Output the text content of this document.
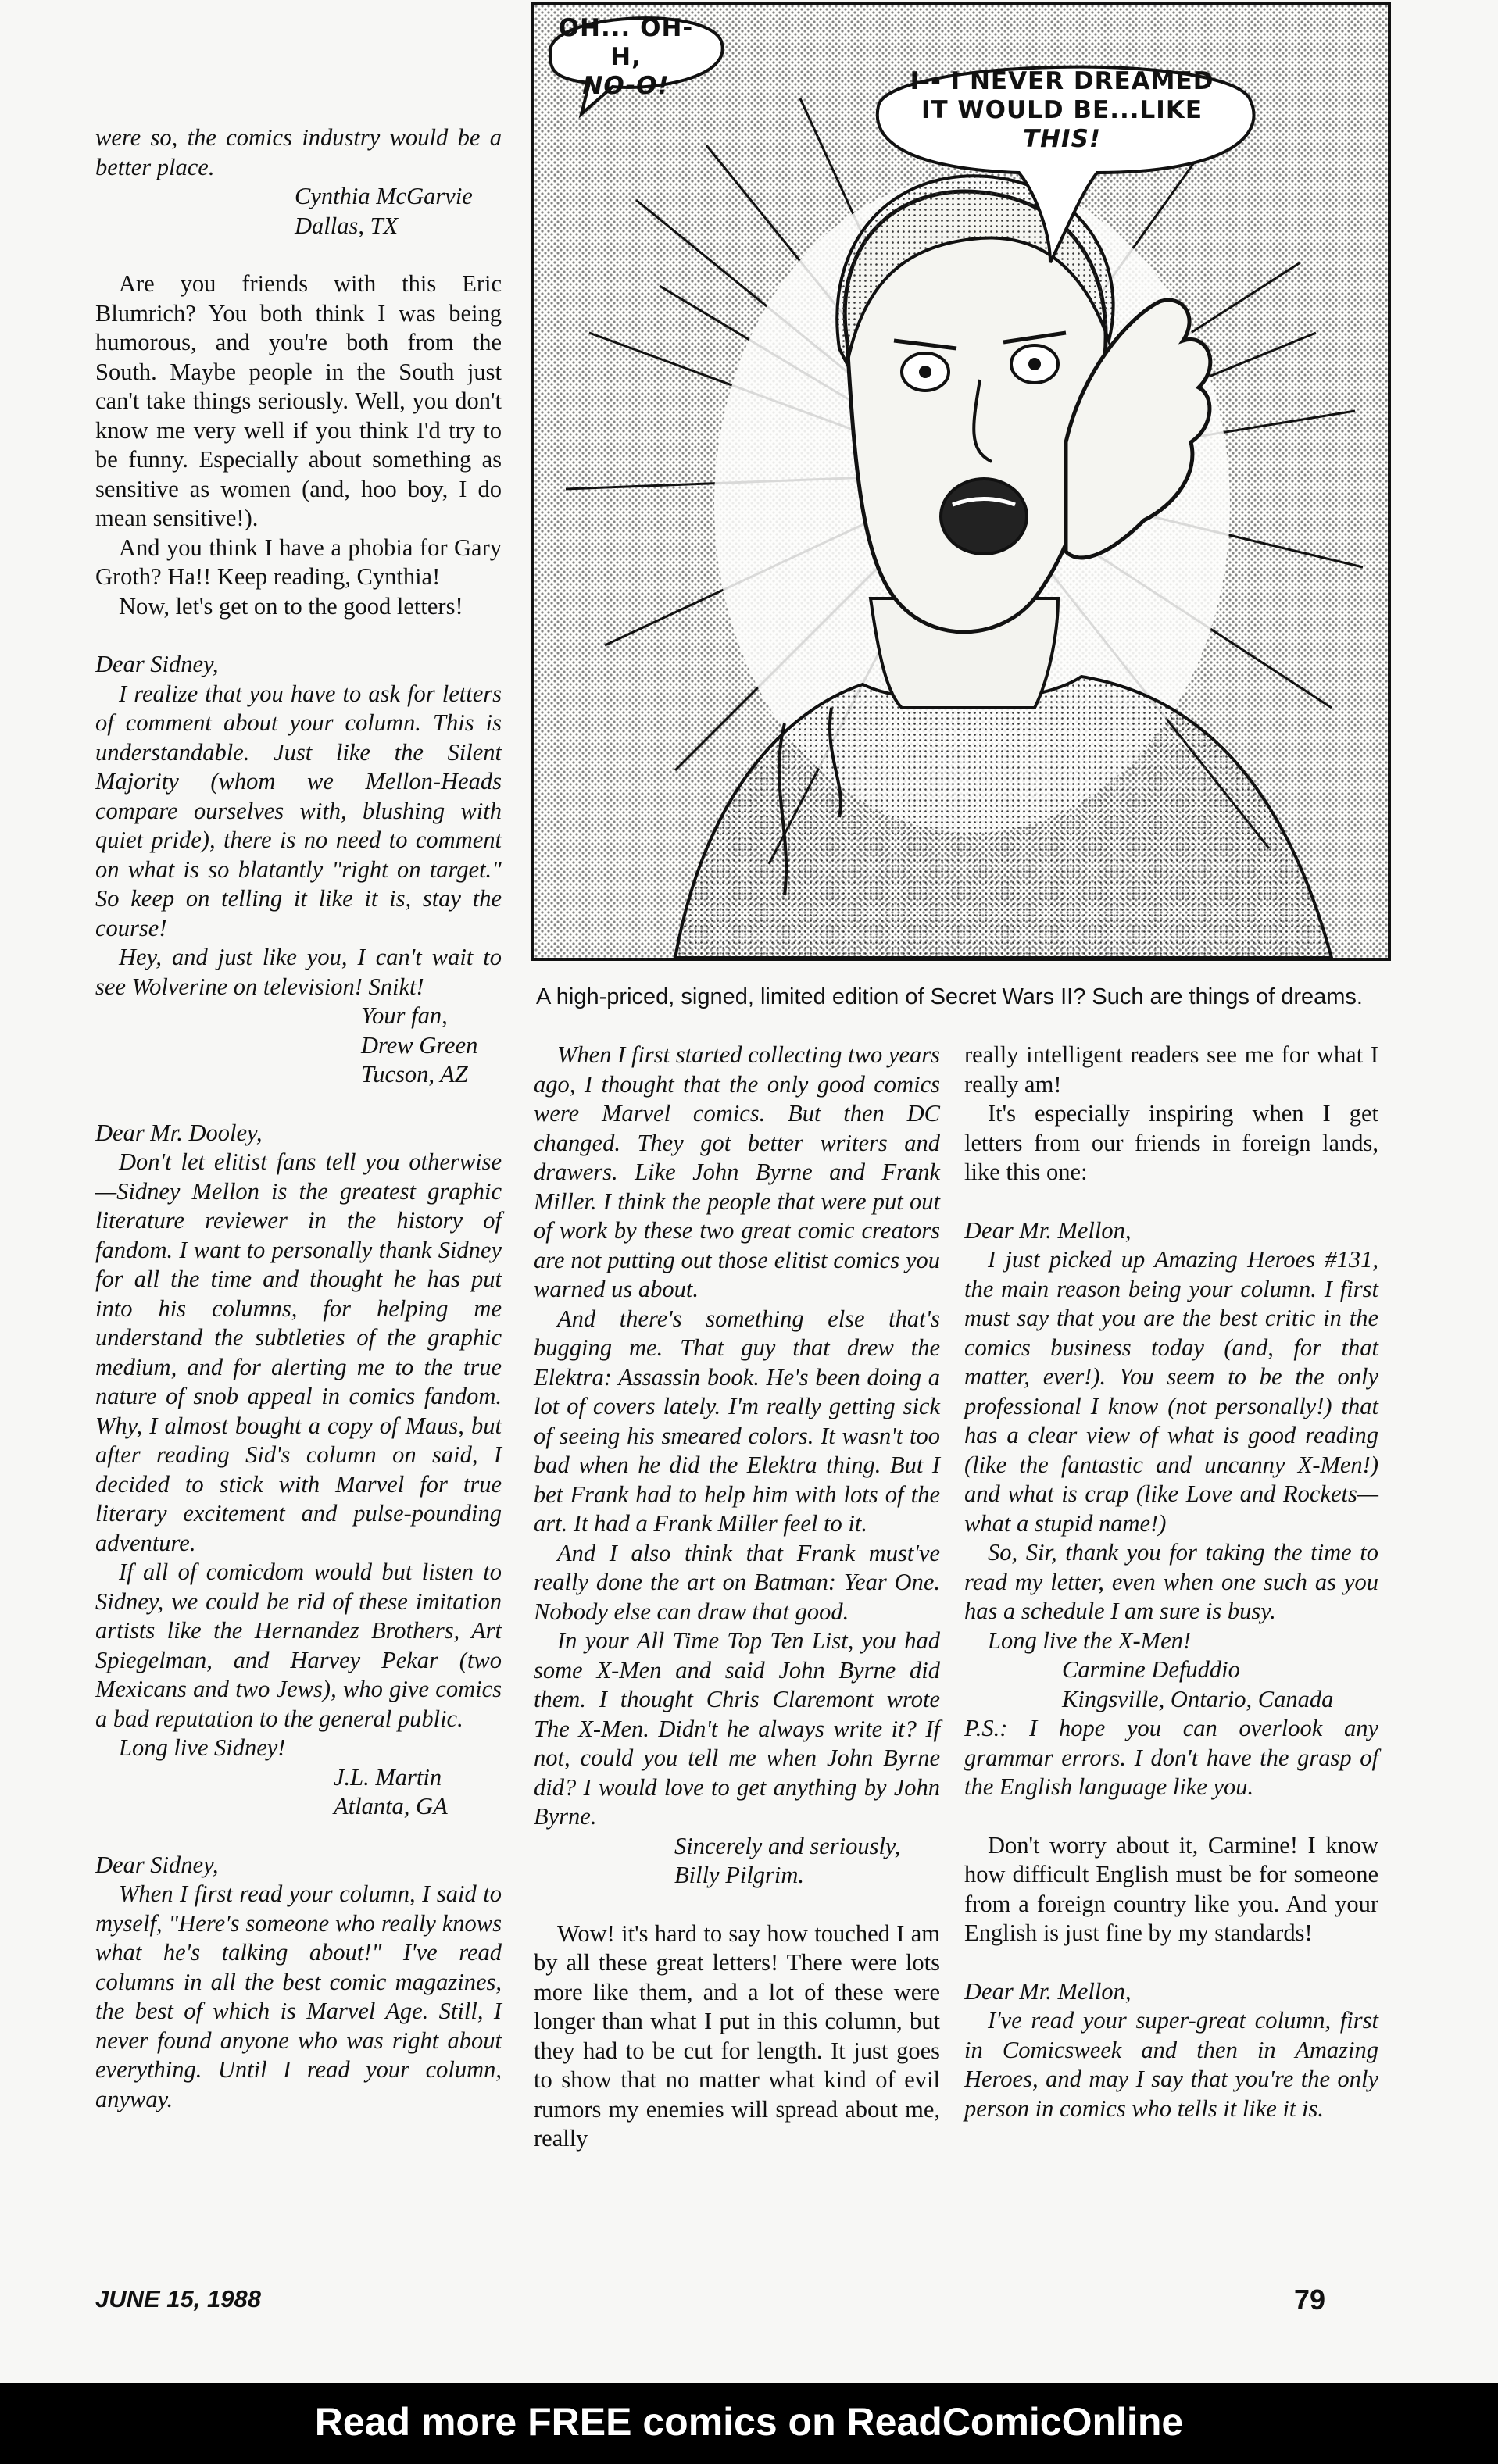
were so, the comics industry would be a better place.

Cynthia McGarvie

Dallas, TX

Are you friends with this Eric Blumrich? You both think I was being humorous, and you're both from the South. Maybe people in the South just can't take things seriously. Well, you don't know me very well if you think I'd try to be funny. Especially about something as sensitive as women (and, hoo boy, I do mean sensitive!).

And you think I have a phobia for Gary Groth? Ha!! Keep reading, Cynthia!

Now, let's get on to the good letters!

Dear Sidney,

I realize that you have to ask for letters of comment about your column. This is understandable. Just like the Silent Majority (whom we Mellon-Heads compare ourselves with, blushing with quiet pride), there is no need to comment on what is so blatantly "right on target." So keep on telling it like it is, stay the course!

Hey, and just like you, I can't wait to see Wolverine on television! Snikt!

Your fan,

Drew Green

Tucson, AZ

Dear Mr. Dooley,

Don't let elitist fans tell you otherwise—Sidney Mellon is the greatest graphic literature reviewer in the history of fandom. I want to personally thank Sidney for all the time and thought he has put into his columns, for helping me understand the subtleties of the graphic medium, and for alerting me to the true nature of snob appeal in comics fandom. Why, I almost bought a copy of Maus, but after reading Sid's column on said, I decided to stick with Marvel for true literary excitement and pulse-pounding adventure.

If all of comicdom would but listen to Sidney, we could be rid of these imitation artists like the Hernandez Brothers, Art Spiegelman, and Harvey Pekar (two Mexicans and two Jews), who give comics a bad reputation to the general public.

Long live Sidney!

J.L. Martin

Atlanta, GA

Dear Sidney,

When I first read your column, I said to myself, "Here's someone who really knows what he's talking about!" I've read columns in all the best comic magazines, the best of which is Marvel Age. Still, I never found anyone who was right about everything. Until I read your column, anyway.

OH... OH-H,
NO-O!	I-- I NEVER DREAMED
IT WOULD BE...LIKE
THIS!
A high-priced, signed, limited edition of Secret Wars II? Such are things of dreams.

When I first started collecting two years ago, I thought that the only good comics were Marvel comics. But then DC changed. They got better writers and drawers. Like John Byrne and Frank Miller. I think the people that were put out of work by these two great comic creators are not putting out those elitist comics you warned us about.

And there's something else that's bugging me. That guy that drew the Elektra: Assassin book. He's been doing a lot of covers lately. I'm really getting sick of seeing his smeared colors. It wasn't too bad when he did the Elektra thing. But I bet Frank had to help him with lots of the art. It had a Frank Miller feel to it.

And I also think that Frank must've really done the art on Batman: Year One. Nobody else can draw that good.

In your All Time Top Ten List, you had some X-Men and said John Byrne did them. I thought Chris Claremont wrote The X-Men. Didn't he always write it? If not, could you tell me when John Byrne did? I would love to get anything by John Byrne.

Sincerely and seriously,

Billy Pilgrim.

Wow! it's hard to say how touched I am by all these great letters! There were lots more like them, and a lot of these were longer than what I put in this column, but they had to be cut for length. It just goes to show that no matter what kind of evil rumors my enemies will spread about me, really

really intelligent readers see me for what I really am!

It's especially inspiring when I get letters from our friends in foreign lands, like this one:

Dear Mr. Mellon,

I just picked up Amazing Heroes #131, the main reason being your column. I first must say that you are the best critic in the comics business today (and, for that matter, ever!). You seem to be the only professional I know (not personally!) that has a clear view of what is good reading (like the fantastic and uncanny X-Men!) and what is crap (like Love and Rockets—what a stupid name!)

So, Sir, thank you for taking the time to read my letter, even when one such as you has a schedule I am sure is busy.

Long live the X-Men!

Carmine Defuddio

Kingsville, Ontario, Canada

P.S.: I hope you can overlook any grammar errors. I don't have the grasp of the English language like you.

Don't worry about it, Carmine! I know how difficult English must be for someone from a foreign country like you. And your English is just fine by my standards!

Dear Mr. Mellon,

I've read your super-great column, first in Comicsweek and then in Amazing Heroes, and may I say that you're the only person in comics who tells it like it is.

JUNE 15, 1988	79
Read more FREE comics on ReadComicOnline
